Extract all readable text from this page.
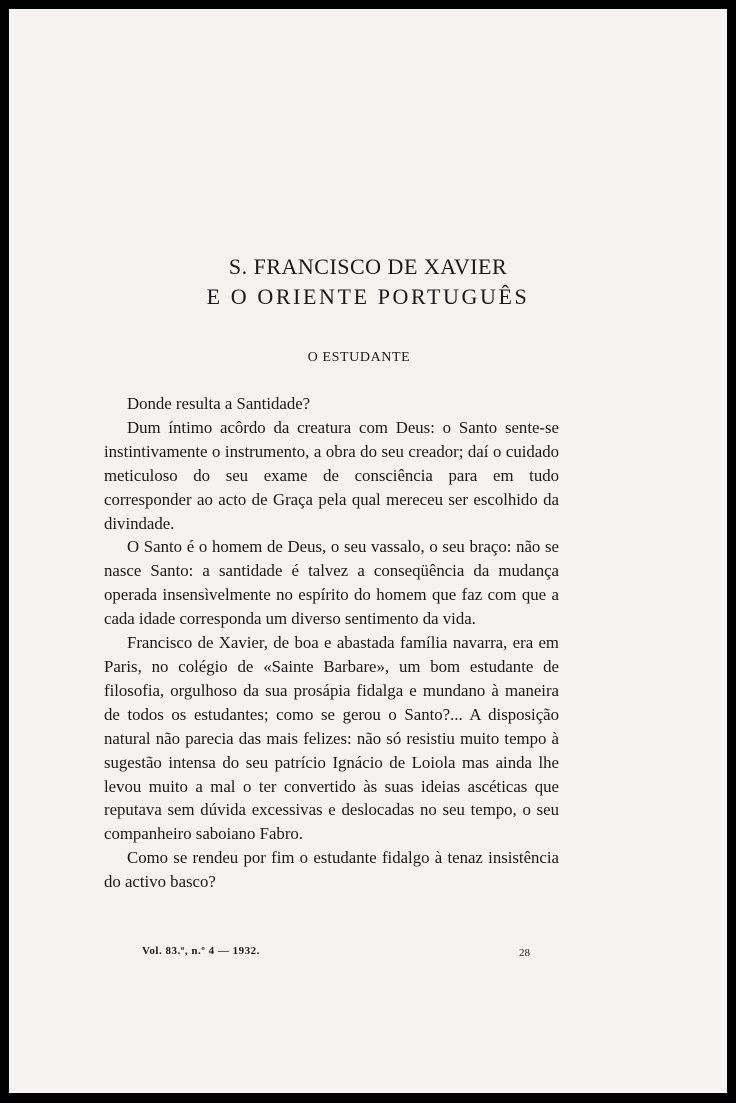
S. FRANCISCO DE XAVIER
E O ORIENTE PORTUGUÊS
O ESTUDANTE

Donde resulta a Santidade?

Dum íntimo acôrdo da creatura com Deus: o Santo sente-se instintivamente o instrumento, a obra do seu creador; daí o cuidado meticuloso do seu exame de consciência para em tudo corresponder ao acto de Graça pela qual mereceu ser escolhido da divindade.

O Santo é o homem de Deus, o seu vassalo, o seu braço: não se nasce Santo: a santidade é talvez a conseqüência da mudança operada insensìvelmente no espírito do homem que faz com que a cada idade corresponda um diverso sentimento da vida.

Francisco de Xavier, de boa e abastada família navarra, era em Paris, no colégio de «Sainte Barbare», um bom estudante de filosofia, orgulhoso da sua prosápia fidalga e mundano à maneira de todos os estudantes; como se gerou o Santo?... A disposição natural não parecia das mais felizes: não só resistiu muito tempo à sugestão intensa do seu patrício Ignácio de Loiola mas ainda lhe levou muito a mal o ter convertido às suas ideias ascéticas que reputava sem dúvida excessivas e deslocadas no seu tempo, o seu companheiro saboiano Fabro.

Como se rendeu por fim o estudante fidalgo à tenaz insistência do activo basco?

Vol. 83.º, n.º 4 — 1932.	28
